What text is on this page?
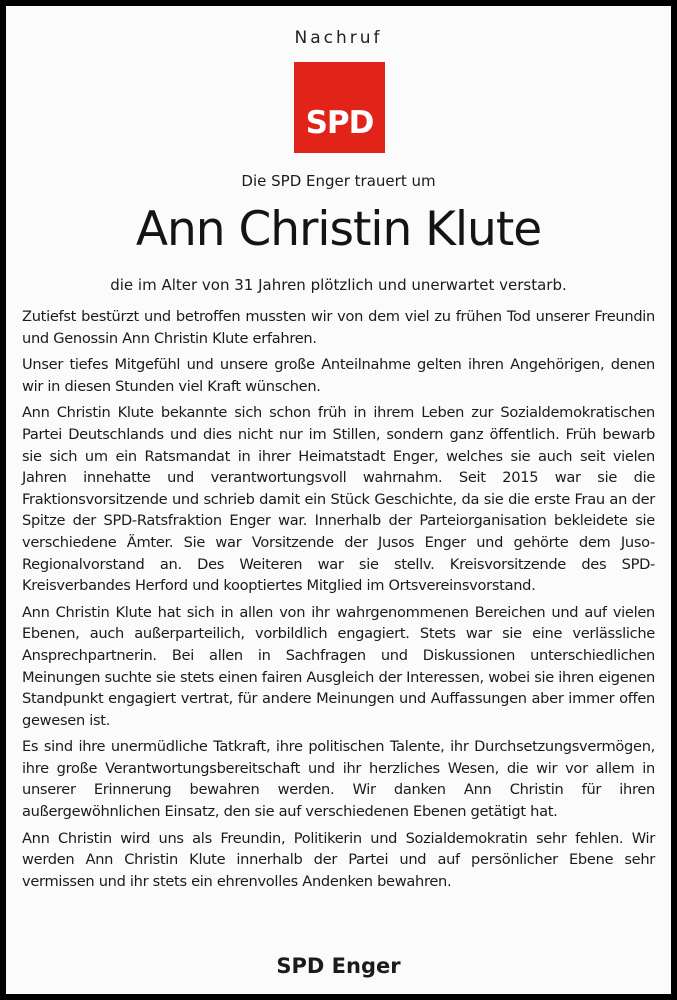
Nachruf
SPD
Die SPD Enger trauert um
Ann Christin Klute
die im Alter von 31 Jahren plötzlich und unerwartet verstarb.

Zutiefst bestürzt und betroffen mussten wir von dem viel zu frühen Tod unserer Freundin und Genossin Ann Christin Klute erfahren.

Unser tiefes Mitgefühl und unsere große Anteilnahme gelten ihren Angehörigen, denen wir in diesen Stunden viel Kraft wünschen.

Ann Christin Klute bekannte sich schon früh in ihrem Leben zur Sozialdemokratischen Partei Deutschlands und dies nicht nur im Stillen, sondern ganz öffentlich. Früh bewarb sie sich um ein Ratsmandat in ihrer Heimatstadt Enger, welches sie auch seit vielen Jahren innehatte und verantwortungsvoll wahrnahm. Seit 2015 war sie die Fraktionsvorsitzende und schrieb damit ein Stück Geschichte, da sie die erste Frau an der Spitze der SPD-Ratsfraktion Enger war. Innerhalb der Parteiorganisation bekleidete sie verschiedene Ämter. Sie war Vorsitzende der Jusos Enger und gehörte dem Juso-Regionalvorstand an. Des Weiteren war sie stellv. Kreisvorsitzende des SPD-Kreisverbandes Herford und kooptiertes Mitglied im Ortsvereinsvorstand.

Ann Christin Klute hat sich in allen von ihr wahrgenommenen Bereichen und auf vielen Ebenen, auch außerparteilich, vorbildlich engagiert. Stets war sie eine verlässliche Ansprechpartnerin. Bei allen in Sachfragen und Diskussionen unterschiedlichen Meinungen suchte sie stets einen fairen Ausgleich der Interessen, wobei sie ihren eigenen Standpunkt engagiert vertrat, für andere Meinungen und Auffassungen aber immer offen gewesen ist.

Es sind ihre unermüdliche Tatkraft, ihre politischen Talente, ihr Durchsetzungsvermögen, ihre große Verantwortungsbereitschaft und ihr herzliches Wesen, die wir vor allem in unserer Erinnerung bewahren werden. Wir danken Ann Christin für ihren außergewöhnlichen Einsatz, den sie auf verschiedenen Ebenen getätigt hat.

Ann Christin wird uns als Freundin, Politikerin und Sozialdemokratin sehr fehlen. Wir werden Ann Christin Klute innerhalb der Partei und auf persönlicher Ebene sehr vermissen und ihr stets ein ehrenvolles Andenken bewahren.

SPD Enger
